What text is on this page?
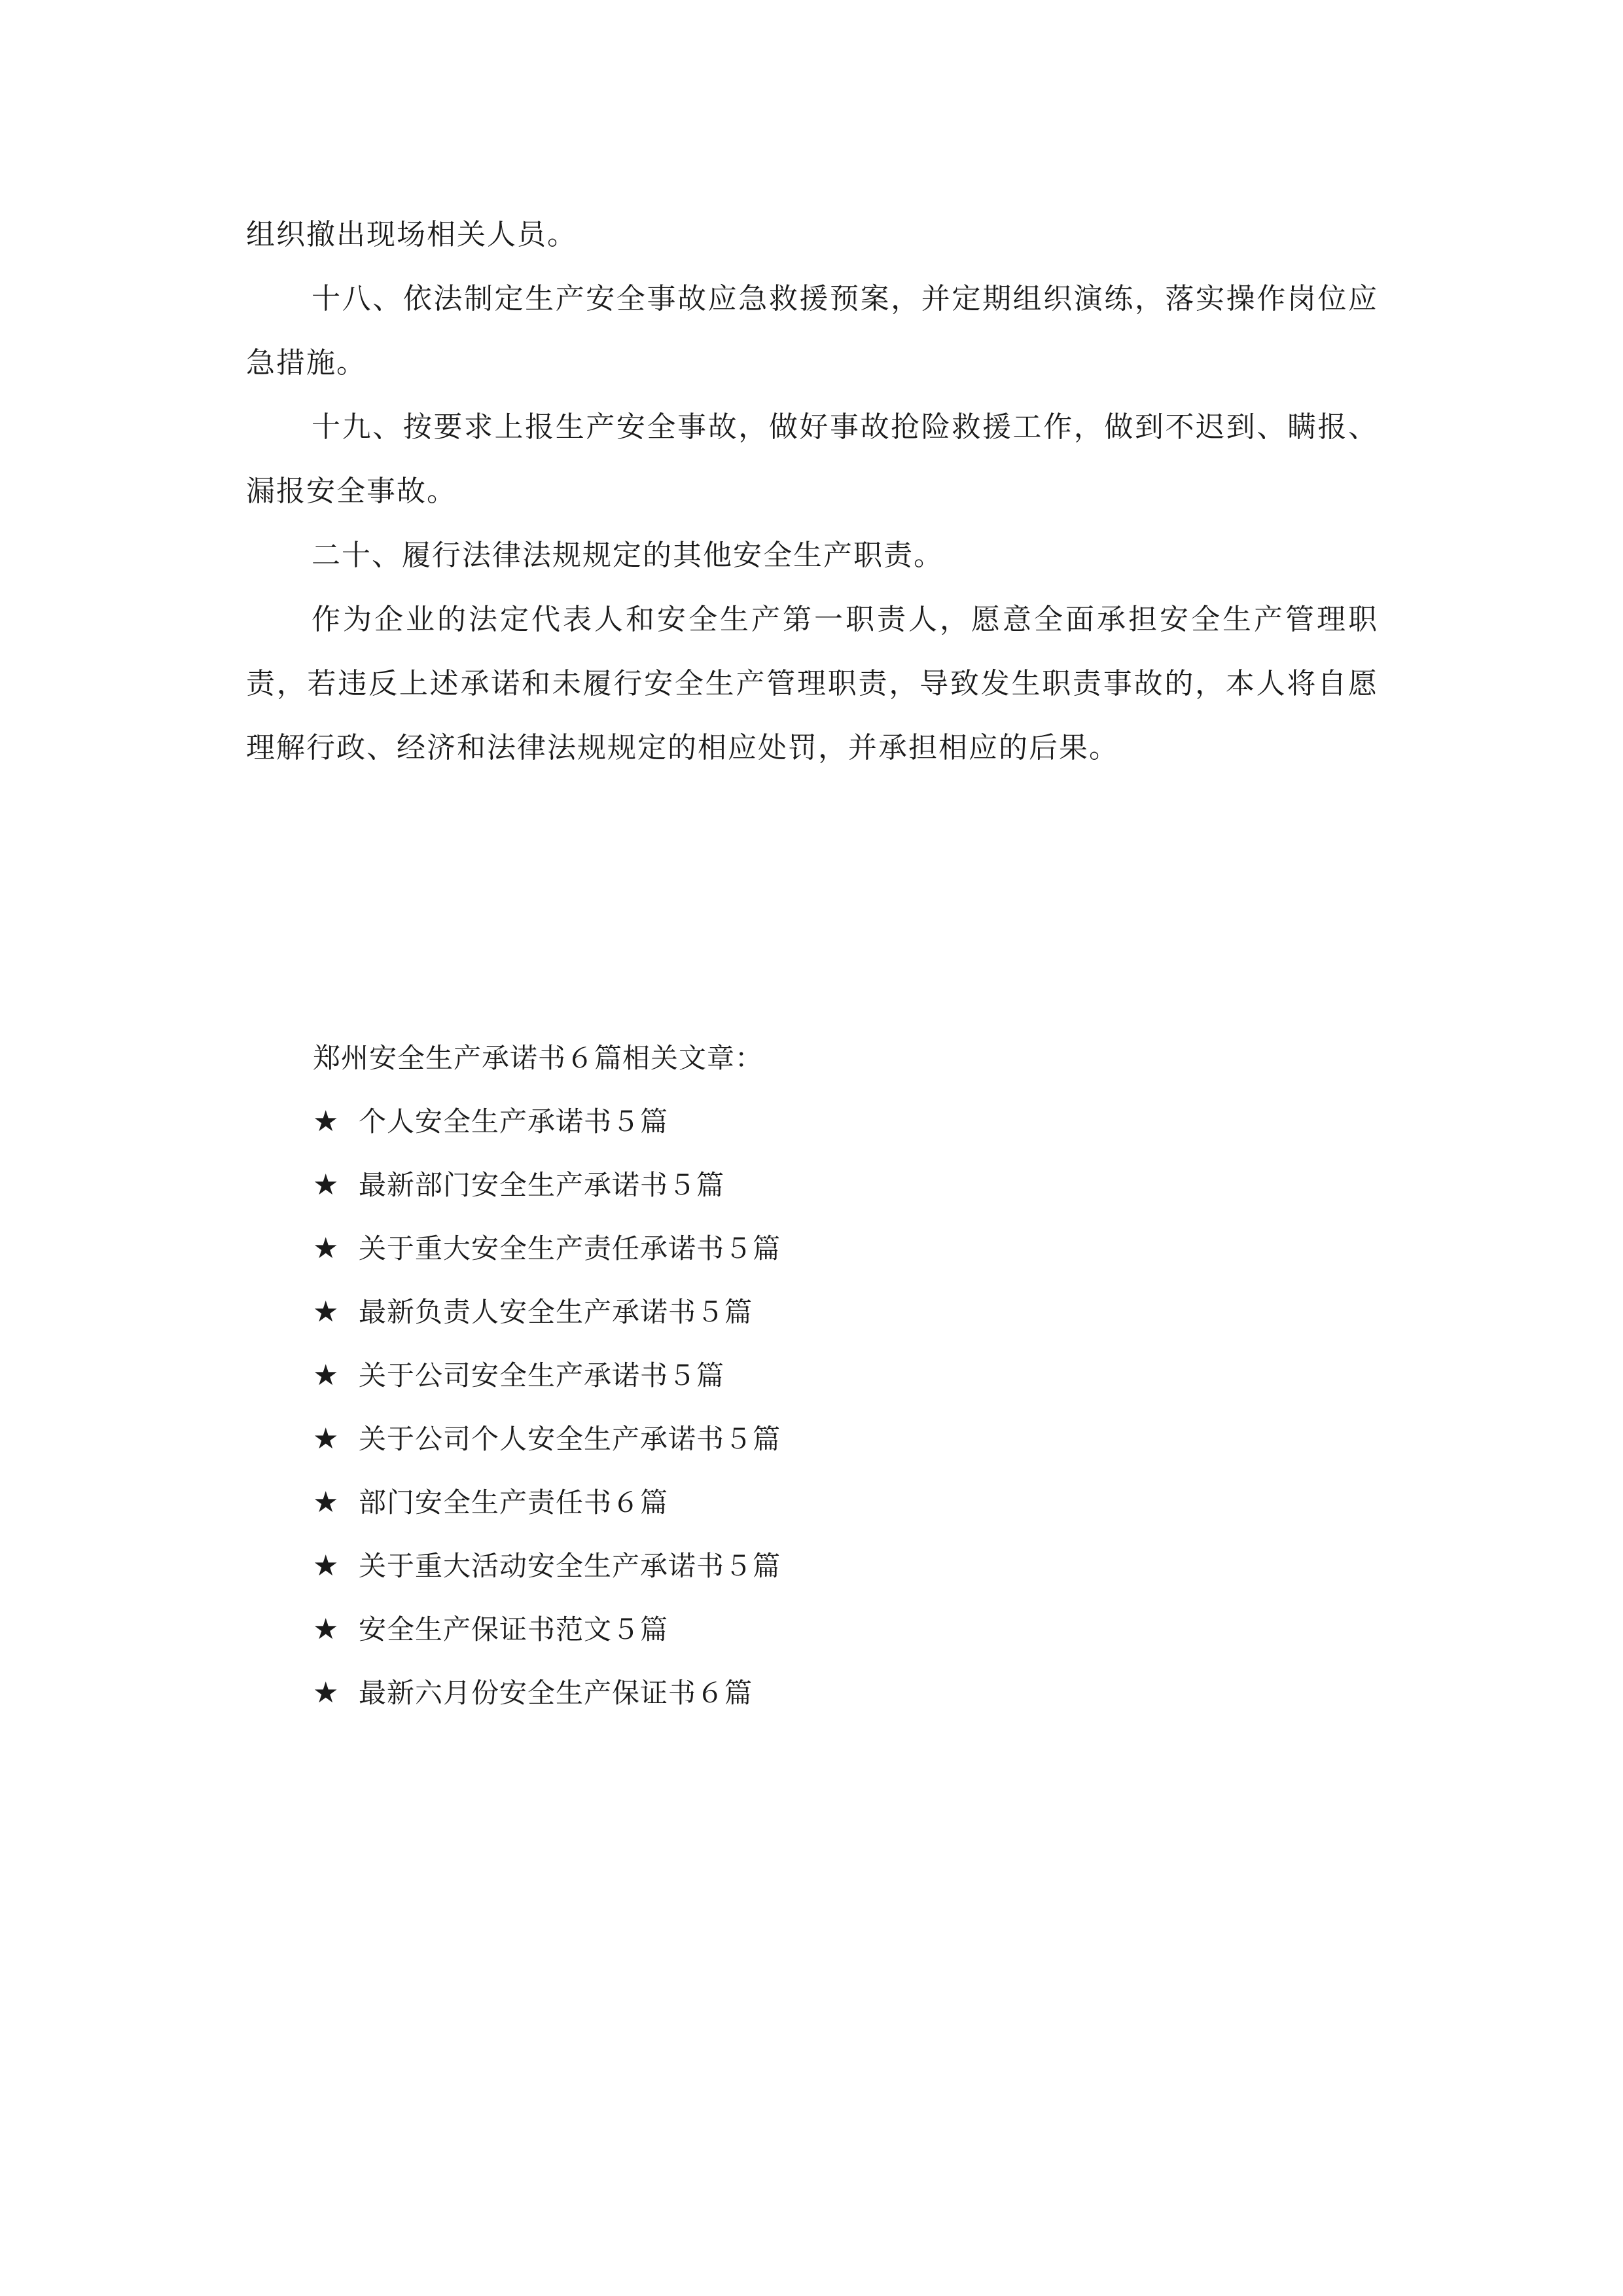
组织撤出现场相关人员。

十八、依法制定生产安全事故应急救援预案，并定期组织演练，落实操作岗位应急措施。

十九、按要求上报生产安全事故，做好事故抢险救援工作，做到不迟到、瞒报、漏报安全事故。

二十、履行法律法规规定的其他安全生产职责。

作为企业的法定代表人和安全生产第一职责人，愿意全面承担安全生产管理职责，若违反上述承诺和未履行安全生产管理职责，导致发生职责事故的，本人将自愿理解行政、经济和法律法规规定的相应处罚，并承担相应的后果。

郑州安全生产承诺书６篇相关文章：

★ 个人安全生产承诺书５篇
★ 最新部门安全生产承诺书５篇
★ 关于重大安全生产责任承诺书５篇
★ 最新负责人安全生产承诺书５篇
★ 关于公司安全生产承诺书５篇
★ 关于公司个人安全生产承诺书５篇
★ 部门安全生产责任书６篇
★ 关于重大活动安全生产承诺书５篇
★ 安全生产保证书范文５篇
★ 最新六月份安全生产保证书６篇
